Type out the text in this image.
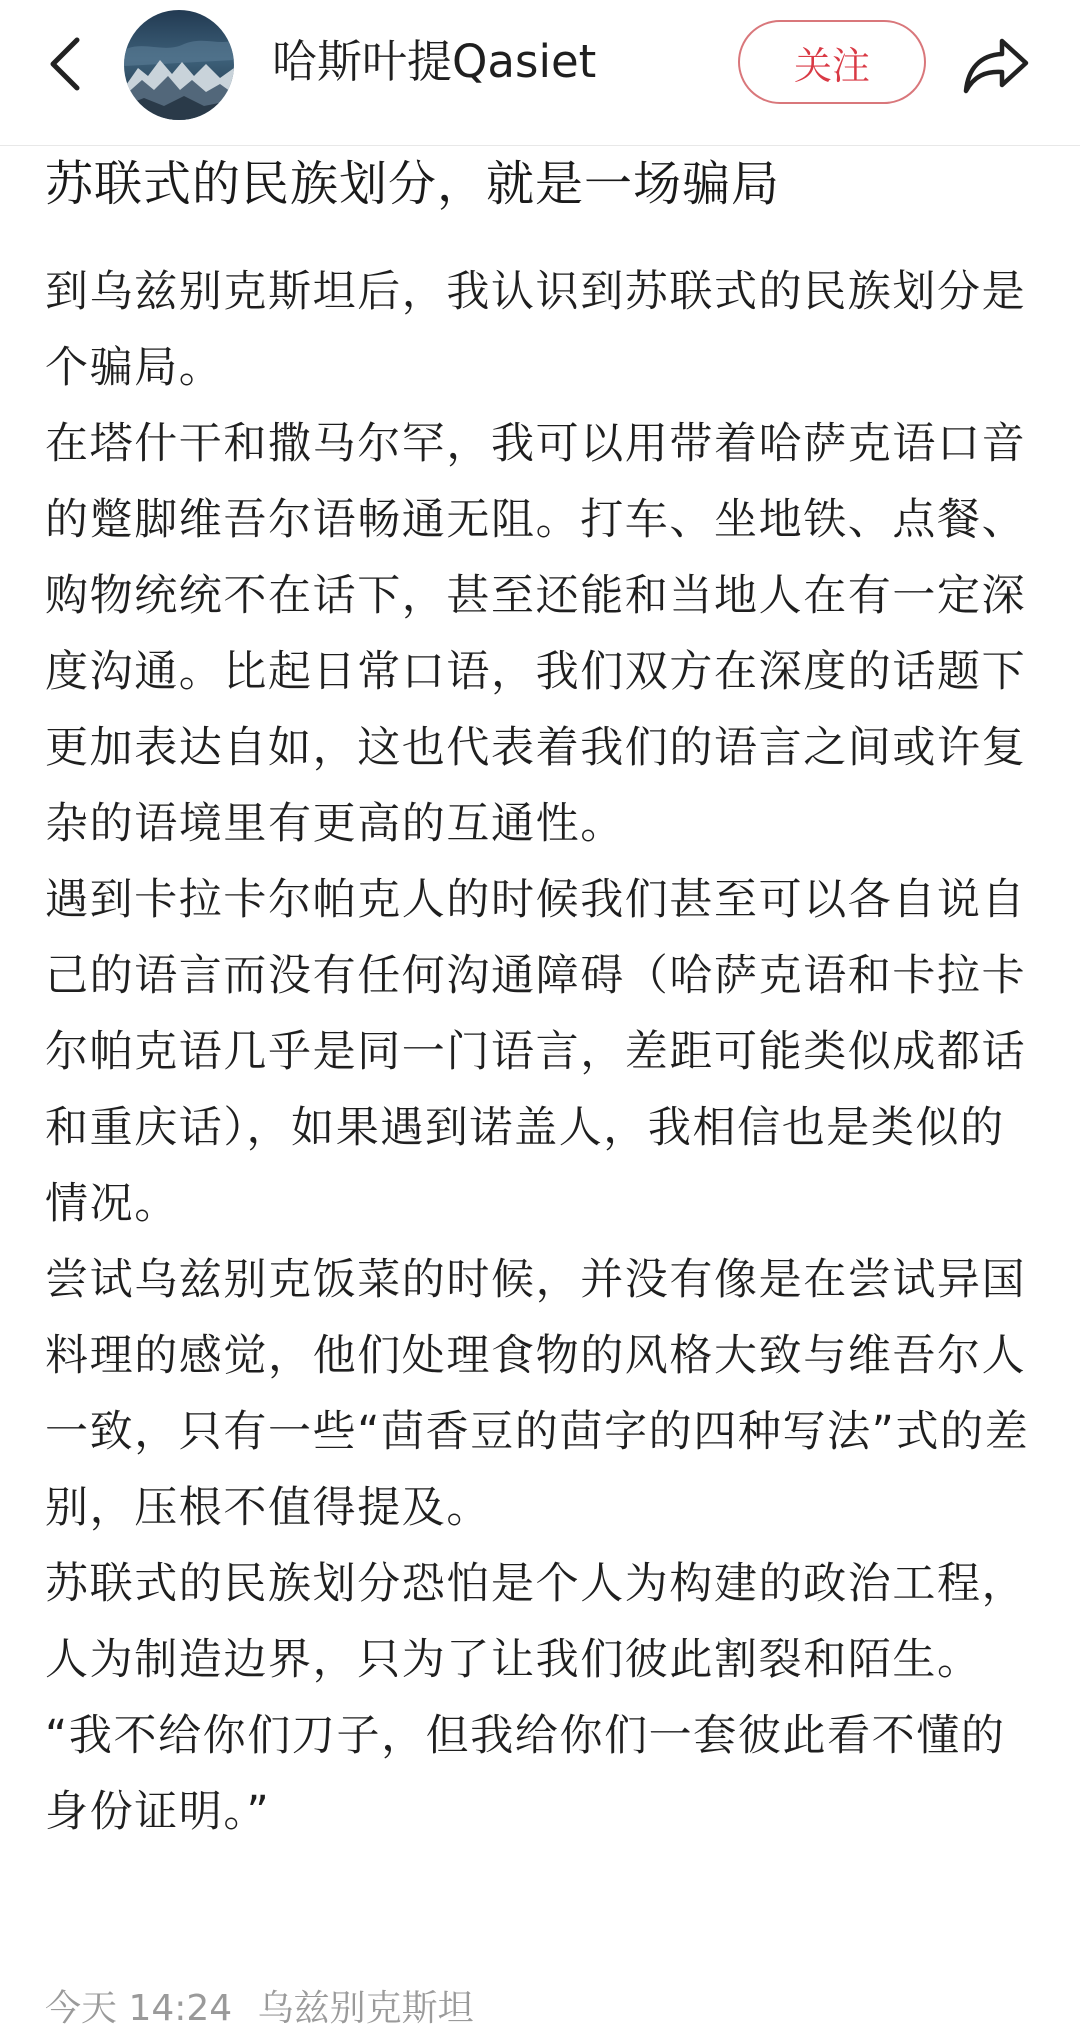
哈斯叶提Qasiet	关注
苏联式的民族划分，就是一场骗局

到乌兹别克斯坦后，我认识到苏联式的民族划分是个骗局。

在塔什干和撒马尔罕，我可以用带着哈萨克语口音的蹩脚维吾尔语畅通无阻。打车、坐地铁、点餐、购物统统不在话下，甚至还能和当地人在有一定深度沟通。比起日常口语，我们双方在深度的话题下更加表达自如，这也代表着我们的语言之间或许复杂的语境里有更高的互通性。

遇到卡拉卡尔帕克人的时候我们甚至可以各自说自己的语言而没有任何沟通障碍（哈萨克语和卡拉卡尔帕克语几乎是同一门语言，差距可能类似成都话和重庆话），如果遇到诺盖人，我相信也是类似的情况。

尝试乌兹别克饭菜的时候，并没有像是在尝试异国料理的感觉，他们处理食物的风格大致与维吾尔人一致，只有一些“茴香豆的茴字的四种写法”式的差别，压根不值得提及。

苏联式的民族划分恐怕是个人为构建的政治工程，人为制造边界，只为了让我们彼此割裂和陌生。

“我不给你们刀子，但我给你们一套彼此看不懂的身份证明。”

今天 14:24 乌兹别克斯坦
